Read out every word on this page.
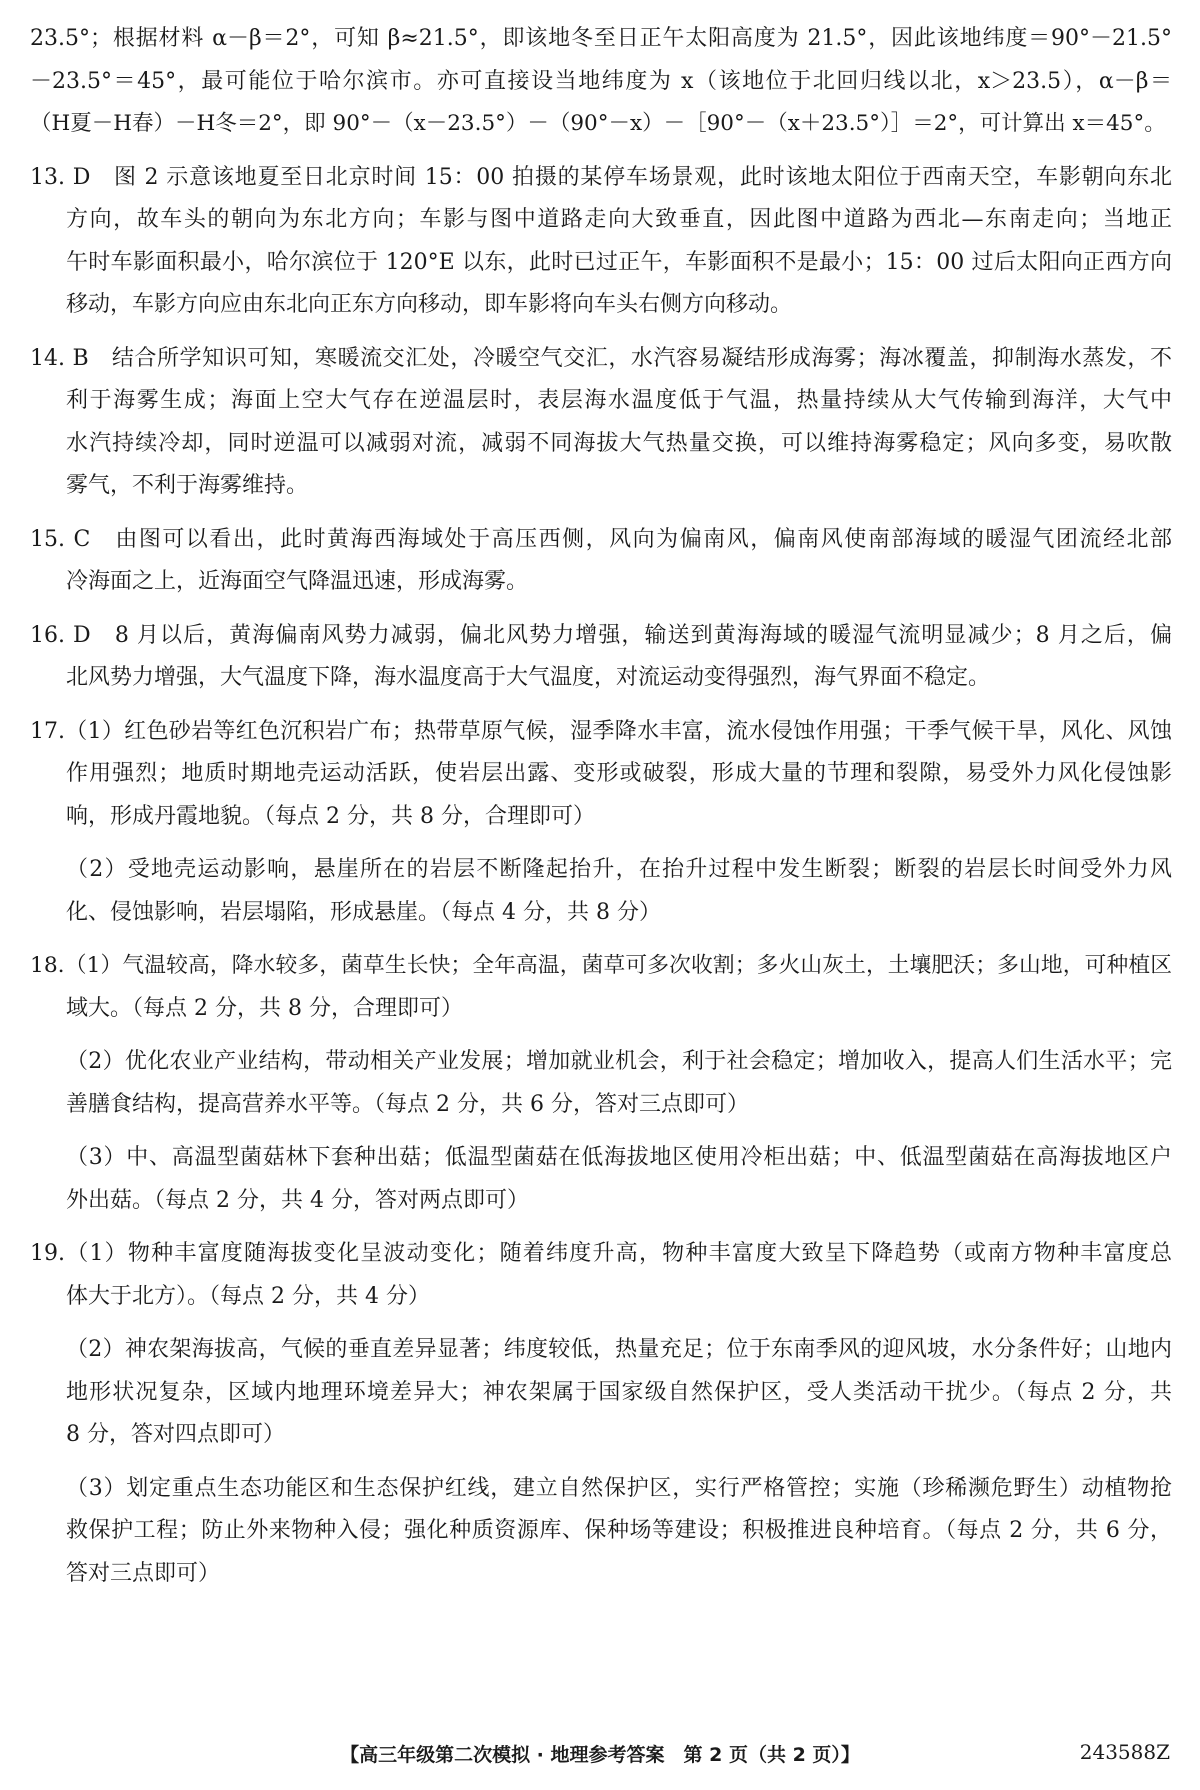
23.5°；根据材料 α－β＝2°，可知 β≈21.5°，即该地冬至日正午太阳高度为 21.5°，因此该地纬度＝90°－21.5°
－23.5°＝45°，最可能位于哈尔滨市。亦可直接设当地纬度为 x（该地位于北回归线以北，x＞23.5），α－β＝
（H夏－H春）－H冬＝2°，即 90°－（x－23.5°）－（90°－x）－［90°－（x＋23.5°）］＝2°，可计算出 x＝45°。
13. D　图 2 示意该地夏至日北京时间 15：00 拍摄的某停车场景观，此时该地太阳位于西南天空，车影朝向东北
方向，故车头的朝向为东北方向；车影与图中道路走向大致垂直，因此图中道路为西北—东南走向；当地正
午时车影面积最小，哈尔滨位于 120°E 以东，此时已过正午，车影面积不是最小；15：00 过后太阳向正西方向
移动，车影方向应由东北向正东方向移动，即车影将向车头右侧方向移动。
14. B　结合所学知识可知，寒暖流交汇处，冷暖空气交汇，水汽容易凝结形成海雾；海冰覆盖，抑制海水蒸发，不
利于海雾生成；海面上空大气存在逆温层时，表层海水温度低于气温，热量持续从大气传输到海洋，大气中
水汽持续冷却，同时逆温可以减弱对流，减弱不同海拔大气热量交换，可以维持海雾稳定；风向多变，易吹散
雾气，不利于海雾维持。
15. C　由图可以看出，此时黄海西海域处于高压西侧，风向为偏南风，偏南风使南部海域的暖湿气团流经北部
冷海面之上，近海面空气降温迅速，形成海雾。
16. D　8 月以后，黄海偏南风势力减弱，偏北风势力增强，输送到黄海海域的暖湿气流明显减少；8 月之后，偏
北风势力增强，大气温度下降，海水温度高于大气温度，对流运动变得强烈，海气界面不稳定。
17.（1）红色砂岩等红色沉积岩广布；热带草原气候，湿季降水丰富，流水侵蚀作用强；干季气候干旱，风化、风蚀
作用强烈；地质时期地壳运动活跃，使岩层出露、变形或破裂，形成大量的节理和裂隙，易受外力风化侵蚀影
响，形成丹霞地貌。（每点 2 分，共 8 分，合理即可）
（2）受地壳运动影响，悬崖所在的岩层不断隆起抬升，在抬升过程中发生断裂；断裂的岩层长时间受外力风
化、侵蚀影响，岩层塌陷，形成悬崖。（每点 4 分，共 8 分）
18.（1）气温较高，降水较多，菌草生长快；全年高温，菌草可多次收割；多火山灰土，土壤肥沃；多山地，可种植区
域大。（每点 2 分，共 8 分，合理即可）
（2）优化农业产业结构，带动相关产业发展；增加就业机会，利于社会稳定；增加收入，提高人们生活水平；完
善膳食结构，提高营养水平等。（每点 2 分，共 6 分，答对三点即可）
（3）中、高温型菌菇林下套种出菇；低温型菌菇在低海拔地区使用冷柜出菇；中、低温型菌菇在高海拔地区户
外出菇。（每点 2 分，共 4 分，答对两点即可）
19.（1）物种丰富度随海拔变化呈波动变化；随着纬度升高，物种丰富度大致呈下降趋势（或南方物种丰富度总
体大于北方）。（每点 2 分，共 4 分）
（2）神农架海拔高，气候的垂直差异显著；纬度较低，热量充足；位于东南季风的迎风坡，水分条件好；山地内
地形状况复杂，区域内地理环境差异大；神农架属于国家级自然保护区，受人类活动干扰少。（每点 2 分，共
8 分，答对四点即可）
（3）划定重点生态功能区和生态保护红线，建立自然保护区，实行严格管控；实施（珍稀濒危野生）动植物抢
救保护工程；防止外来物种入侵；强化种质资源库、保种场等建设；积极推进良种培育。（每点 2 分，共 6 分，
答对三点即可）
【高三年级第二次模拟 · 地理参考答案　第 2 页（共 2 页）】	243588Z
